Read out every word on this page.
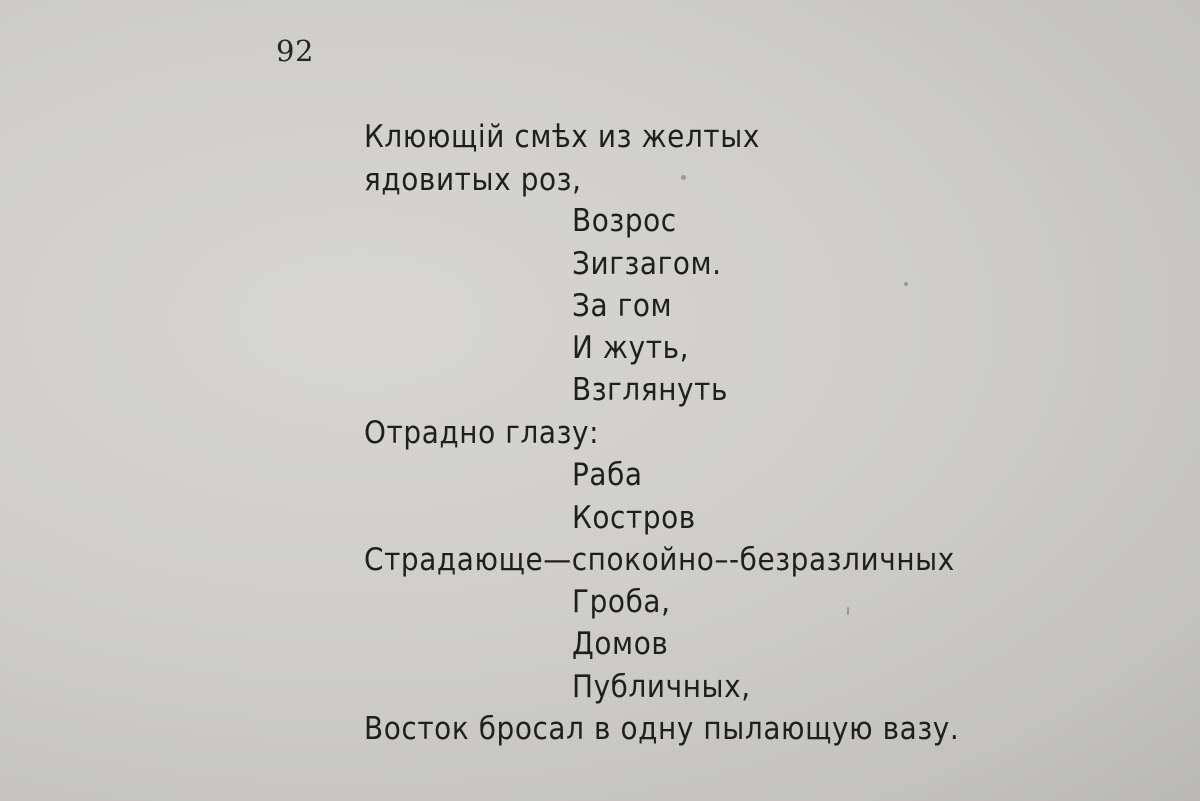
92
Клюющій смѣх из желтых
ядовитых роз,
Возрос
Зигзагом.
За гом
И жуть,
Взглянуть
Отрадно глазу:
Раба
Костров
Страдающе—спокойно–-безразличных
Гроба,
Домов
Публичных,
Восток бросал в одну пылающую вазу.
